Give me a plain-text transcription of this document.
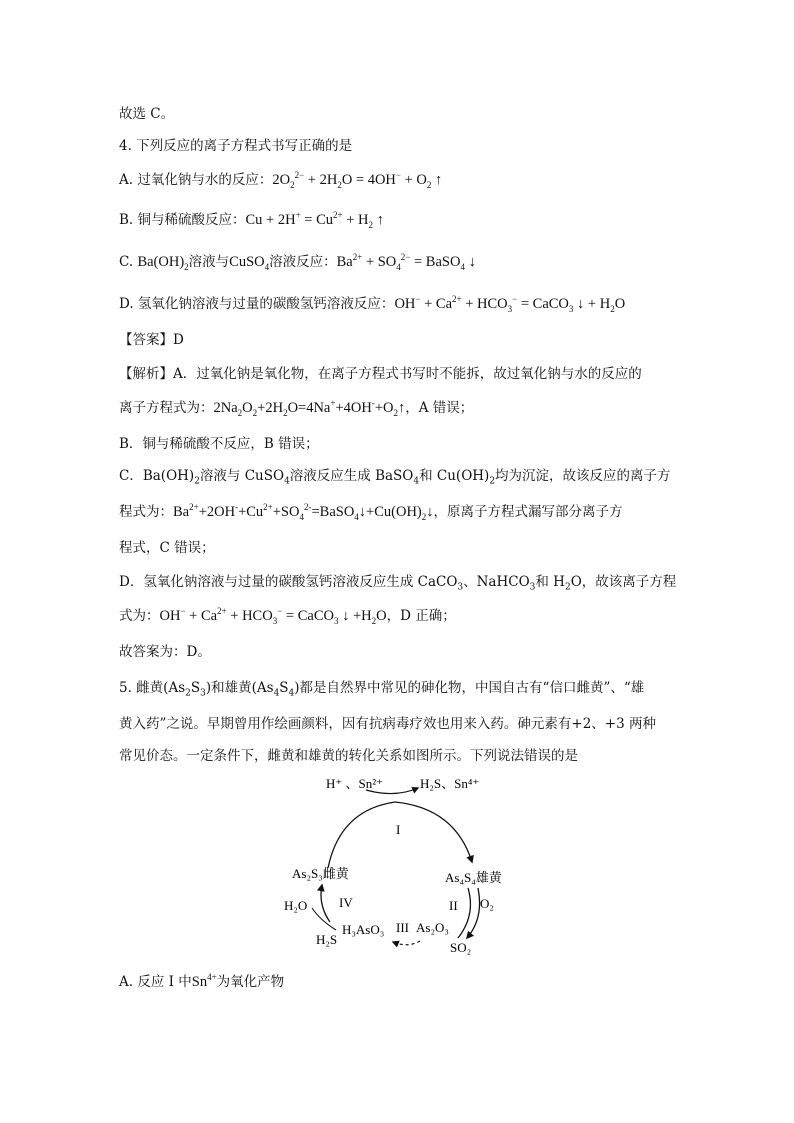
故选 C。
4. 下列反应的离子方程式书写正确的是
A. 过氧化钠与水的反应：$2O_2^{2-} + 2H_2O = 4OH^- + O_2$ ↑
B. 铜与稀硫酸反应：$Cu + 2H^+ = Cu^{2+} + H_2$ ↑
C. $Ba(OH)_2$溶液与CuSO$_4$溶液反应：$Ba^{2+} + SO_4^{2-}$ = BaSO$_4$ ↓
D. 氢氧化钠溶液与过量的碳酸氢钙溶液反应：$OH^- + Ca^{2+} + HCO_3^-$ = CaCO$_3$ ↓ + $H_2O$
【答案】D
【解析】A．过氧化钠是氧化物，在离子方程式书写时不能拆，故过氧化钠与水的反应的
离子方程式为：$2Na_2O_2+2H_2O=4Na^++4OH^-+O_2↑$，A 错误；
B．铜与稀硫酸不反应，B 错误；
C．$Ba(OH)_2$溶液与 CuSO$_4$溶液反应生成 BaSO$_4$和 $Cu(OH)_2$均为沉淀，故该反应的离子方
程式为：$Ba^{2+}+2OH^-+Cu^{2+}+SO_4^{2-}=BaSO_4↓+Cu(OH)_2↓$，原离子方程式漏写部分离子方
程式，C 错误；
D．氢氧化钠溶液与过量的碳酸氢钙溶液反应生成 CaCO$_3$、NaHCO$_3$和 $H_2O$，故该离子方程
式为：$OH^- + Ca^{2+} + HCO_3^-$ = CaCO$_3$ ↓ $+H_2O$，D 正确；
故答案为：D。
5. 雌黄$(As_2S_3)$和雄黄$(As_4S_4)$都是自然界中常见的砷化物，中国自古有“信口雌黄”、“雄
黄入药”之说。早期曾用作绘画颜料，因有抗病毒疗效也用来入药。砷元素有+2、+3 两种
常见价态。一定条件下，雌黄和雄黄的转化关系如图所示。下列说法错误的是
H⁺ 、Sn²⁺	H₂S、Sn⁴⁺
I
As₂S₃雌黄	As₄S₄雄黄
II O₂
IV
H₂O
H₃AsO₃ III As₂O₃
H₂S
SO₂
A. 反应 I 中$Sn^{4+}$为氧化产物
